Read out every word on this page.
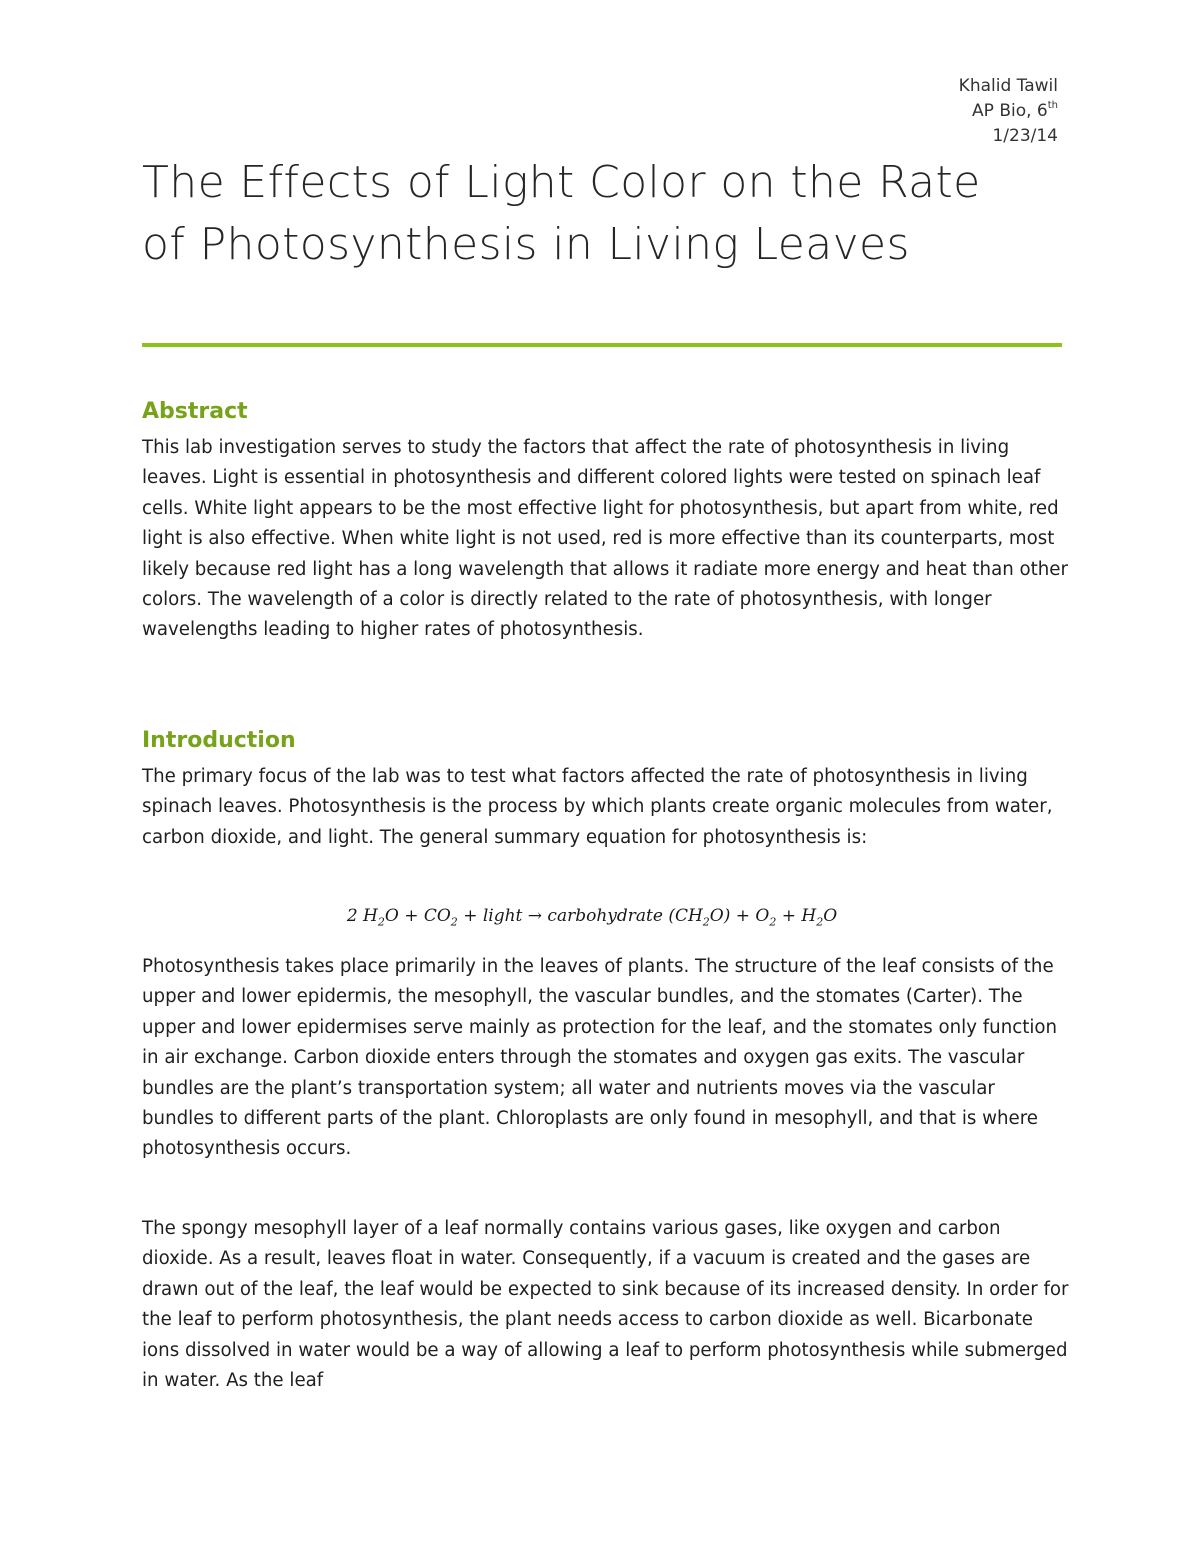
Khalid Tawil
AP Bio, 6th
1/23/14
The Effects of Light Color on the Rate of Photosynthesis in Living Leaves
Abstract

This lab investigation serves to study the factors that affect the rate of photosynthesis in living leaves. Light is essential in photosynthesis and different colored lights were tested on spinach leaf cells. White light appears to be the most effective light for photosynthesis, but apart from white, red light is also effective. When white light is not used, red is more effective than its counterparts, most likely because red light has a long wavelength that allows it radiate more energy and heat than other colors. The wavelength of a color is directly related to the rate of photosynthesis, with longer wavelengths leading to higher rates of photosynthesis.

Introduction

The primary focus of the lab was to test what factors affected the rate of photosynthesis in living spinach leaves. Photosynthesis is the process by which plants create organic molecules from water, carbon dioxide, and light. The general summary equation for photosynthesis is:

2 $H_2O + CO_2$ + light → carbohydrate $(CH_2O) + O_2 + H_2O$

Photosynthesis takes place primarily in the leaves of plants. The structure of the leaf consists of the upper and lower epidermis, the mesophyll, the vascular bundles, and the stomates (Carter). The upper and lower epidermises serve mainly as protection for the leaf, and the stomates only function in air exchange. Carbon dioxide enters through the stomates and oxygen gas exits. The vascular bundles are the plant’s transportation system; all water and nutrients moves via the vascular bundles to different parts of the plant. Chloroplasts are only found in mesophyll, and that is where photosynthesis occurs.

The spongy mesophyll layer of a leaf normally contains various gases, like oxygen and carbon dioxide. As a result, leaves float in water. Consequently, if a vacuum is created and the gases are drawn out of the leaf, the leaf would be expected to sink because of its increased density. In order for the leaf to perform photosynthesis, the plant needs access to carbon dioxide as well. Bicarbonate ions dissolved in water would be a way of allowing a leaf to perform photosynthesis while submerged in water. As the leaf
